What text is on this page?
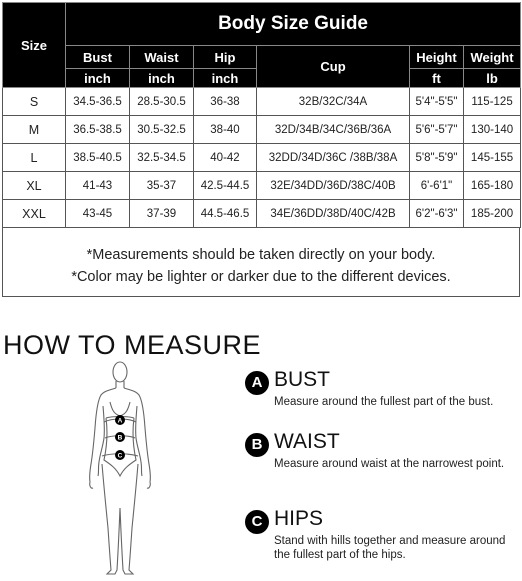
Size	Body Size Guide					
	Bust	Waist	Hip	Cup	Height	Weight
	inch	inch	inch		ft	lb
S	34.5-36.5	28.5-30.5	36-38	32B/32C/34A	5'4"-5'5"	115-125
M	36.5-38.5	30.5-32.5	38-40	32D/34B/34C/36B/36A	5'6"-5'7"	130-140
L	38.5-40.5	32.5-34.5	40-42	32DD/34D/36C /38B/38A	5'8"-5'9"	145-155
XL	41-43	35-37	42.5-44.5	32E/34DD/36D/38C/40B	6'-6'1"	165-180
XXL	43-45	37-39	44.5-46.5	34E/36DD/38D/40C/42B	6'2"-6'3"	185-200
*Measurements should be taken directly on your body.
*Color may be lighter or darker due to the different devices.
HOW TO MEASURE
A
B
C
A BUST
Measure around the fullest part of the bust.
B WAIST
Measure around waist at the narrowest point.
C HIPS
Stand with hills together and measure around the fullest part of the hips.
